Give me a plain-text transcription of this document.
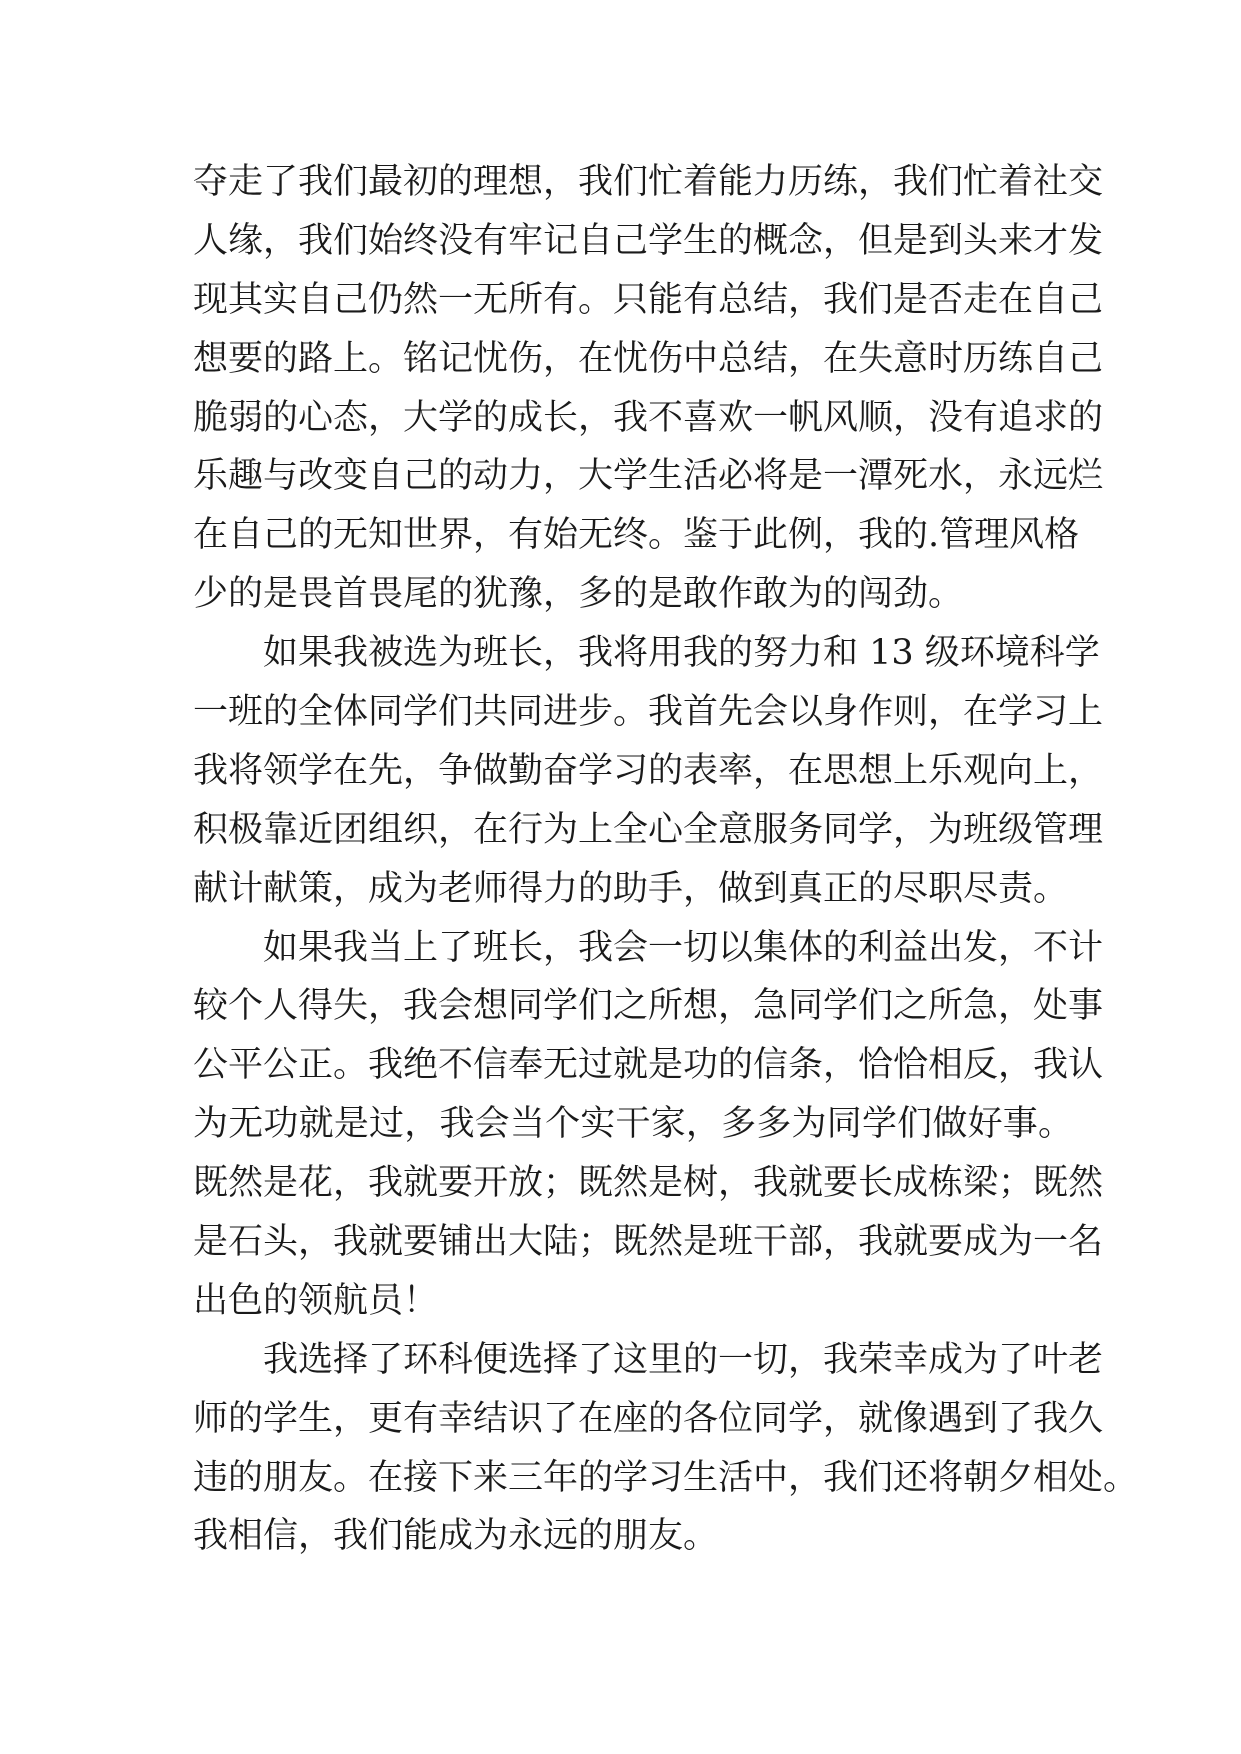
夺走了我们最初的理想，我们忙着能力历练，我们忙着社交
人缘，我们始终没有牢记自己学生的概念，但是到头来才发
现其实自己仍然一无所有。只能有总结，我们是否走在自己
想要的路上。铭记忧伤，在忧伤中总结，在失意时历练自己
脆弱的心态，大学的成长，我不喜欢一帆风顺，没有追求的
乐趣与改变自己的动力，大学生活必将是一潭死水，永远烂
在自己的无知世界，有始无终。鉴于此例，我的.管理风格
少的是畏首畏尾的犹豫，多的是敢作敢为的闯劲。
　　如果我被选为班长，我将用我的努力和 13 级环境科学
一班的全体同学们共同进步。我首先会以身作则，在学习上
我将领学在先，争做勤奋学习的表率，在思想上乐观向上，
积极靠近团组织，在行为上全心全意服务同学，为班级管理
献计献策，成为老师得力的助手，做到真正的尽职尽责。
　　如果我当上了班长，我会一切以集体的利益出发，不计
较个人得失，我会想同学们之所想，急同学们之所急，处事
公平公正。我绝不信奉无过就是功的信条，恰恰相反，我认
为无功就是过，我会当个实干家，多多为同学们做好事。
既然是花，我就要开放；既然是树，我就要长成栋梁；既然
是石头，我就要铺出大陆；既然是班干部，我就要成为一名
出色的领航员！
　　我选择了环科便选择了这里的一切，我荣幸成为了叶老
师的学生，更有幸结识了在座的各位同学，就像遇到了我久
违的朋友。在接下来三年的学习生活中，我们还将朝夕相处。
我相信，我们能成为永远的朋友。
